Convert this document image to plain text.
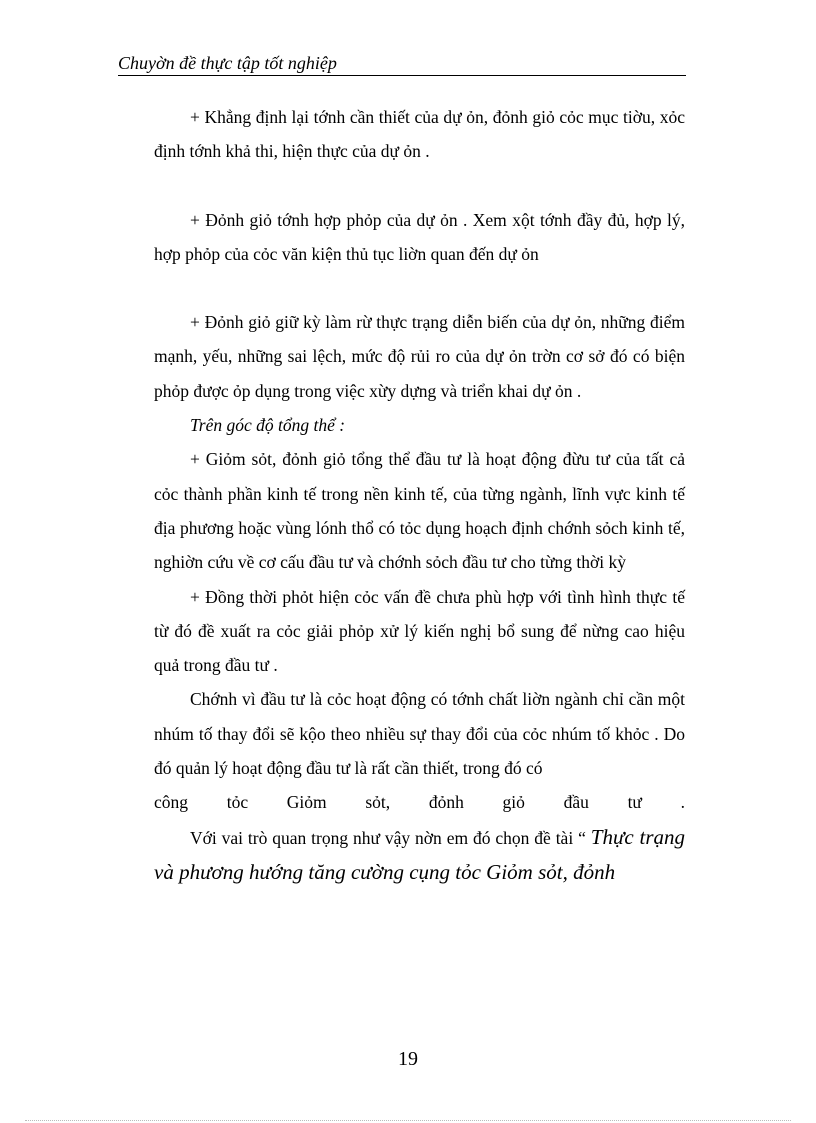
Chuyờn đề thực tập tốt nghiệp

+ Khẳng định lại tớnh cần thiết của dự ỏn, đỏnh giỏ cỏc mục tiờu, xỏc định tớnh khả thi, hiện thực của dự ỏn .

+ Đỏnh giỏ tớnh hợp phỏp của dự ỏn . Xem xột tớnh đầy đủ, hợp lý, hợp phỏp của cỏc văn kiện thủ tục liờn quan đến dự ỏn

+ Đỏnh giỏ giữ kỳ làm rừ thực trạng diễn biến của dự ỏn, những điểm mạnh, yếu, những sai lệch, mức độ rủi ro của dự ỏn trờn cơ sở đó có biện phỏp được ỏp dụng trong việc xừy dựng và triển khai dự ỏn .

Trên góc độ tổng thể :

+ Giỏm sỏt, đỏnh giỏ tổng thể đầu tư là hoạt động đừu tư của tất cả cỏc thành phần kinh tế trong nền kinh tế, của từng ngành, lĩnh vực kinh tế địa phương hoặc vùng lónh thổ có tỏc dụng hoạch định chớnh sỏch kinh tế, nghiờn cứu về cơ cấu đầu tư và chớnh sỏch đầu tư cho từng thời kỳ

+ Đồng thời phỏt hiện cỏc vấn đề chưa phù hợp với tình hình thực tế từ đó đề xuất ra cỏc giải phỏp xử lý kiến nghị bổ sung để nừng cao hiệu quả trong đầu tư .

Chớnh vì đầu tư là cỏc hoạt động có tớnh chất liờn ngành chỉ cần một nhúm tố thay đổi sẽ kộo theo nhiều sự thay đổi của cỏc nhúm tố khỏc . Do đó quản lý hoạt động đầu tư là rất cần thiết, trong đó có

công tỏc Giỏm sỏt, đỏnh giỏ đầu tư .

Với vai trò quan trọng như vậy nờn em đó chọn đề tài “ Thực trạng và phương hướng tăng cường cụng tỏc Giỏm sỏt, đỏnh

19
